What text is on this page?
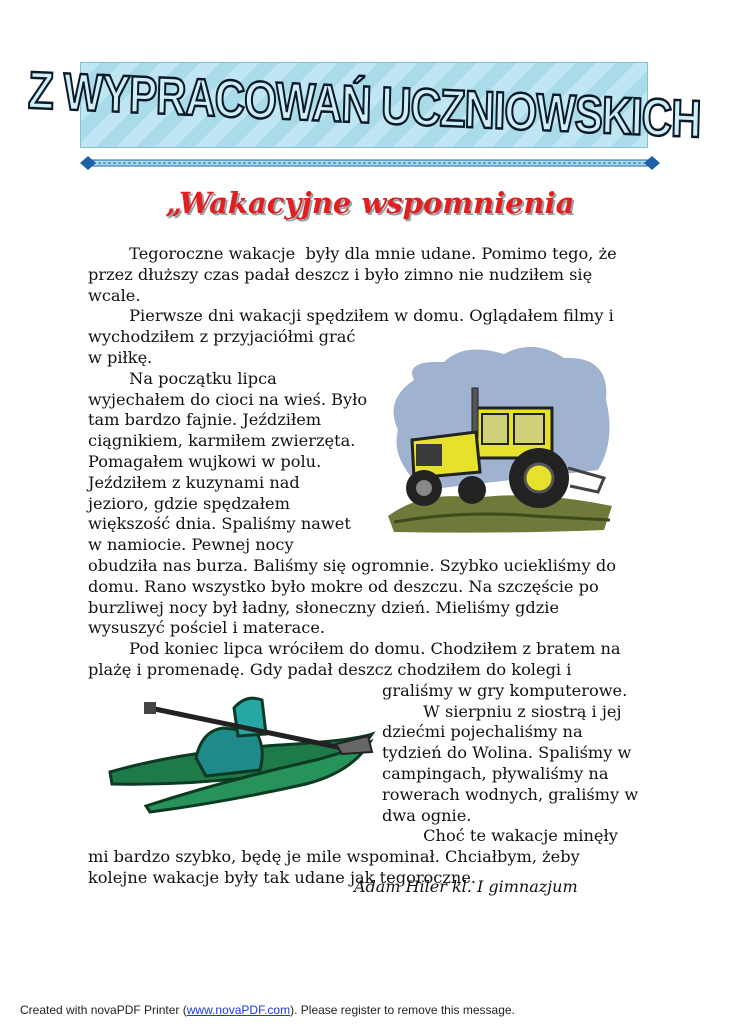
Z WYPRACOWAŃ UCZNIOWSKICH
„Wakacyjne wspomnienia
Tegoroczne wakacje  były dla mnie udane. Pomimo tego, że
przez dłuższy czas padał deszcz i było zimno nie nudziłem się
wcale.
Pierwsze dni wakacji spędziłem w domu. Oglądałem filmy i
wychodziłem z przyjaciółmi grać
w piłkę.
Na początku lipca
wyjechałem do cioci na wieś. Było
tam bardzo fajnie. Jeździłem
ciągnikiem, karmiłem zwierzęta.
Pomagałem wujkowi w polu.
Jeździłem z kuzynami nad
jezioro, gdzie spędzałem
większość dnia. Spaliśmy nawet
w namiocie. Pewnej nocy
obudziła nas burza. Baliśmy się ogromnie. Szybko uciekliśmy do
domu. Rano wszystko było mokre od deszczu. Na szczęście po
burzliwej nocy był ładny, słoneczny dzień. Mieliśmy gdzie
wysuszyć pościel i materace.
Pod koniec lipca wróciłem do domu. Chodziłem z bratem na
plażę i promenadę. Gdy padał deszcz chodziłem do kolegi i
graliśmy w gry komputerowe.
W sierpniu z siostrą i jej
dziećmi pojechaliśmy na
tydzień do Wolina. Spaliśmy w
campingach, pływaliśmy na
rowerach wodnych, graliśmy w
dwa ognie.
Choć te wakacje minęły
mi bardzo szybko, będę je mile wspominał. Chciałbym, żeby
kolejne wakacje były tak udane jak tegoroczne.
Adam Hiler kl. I gimnazjum
Created with novaPDF Printer (www.novaPDF.com). Please register to remove this message.
